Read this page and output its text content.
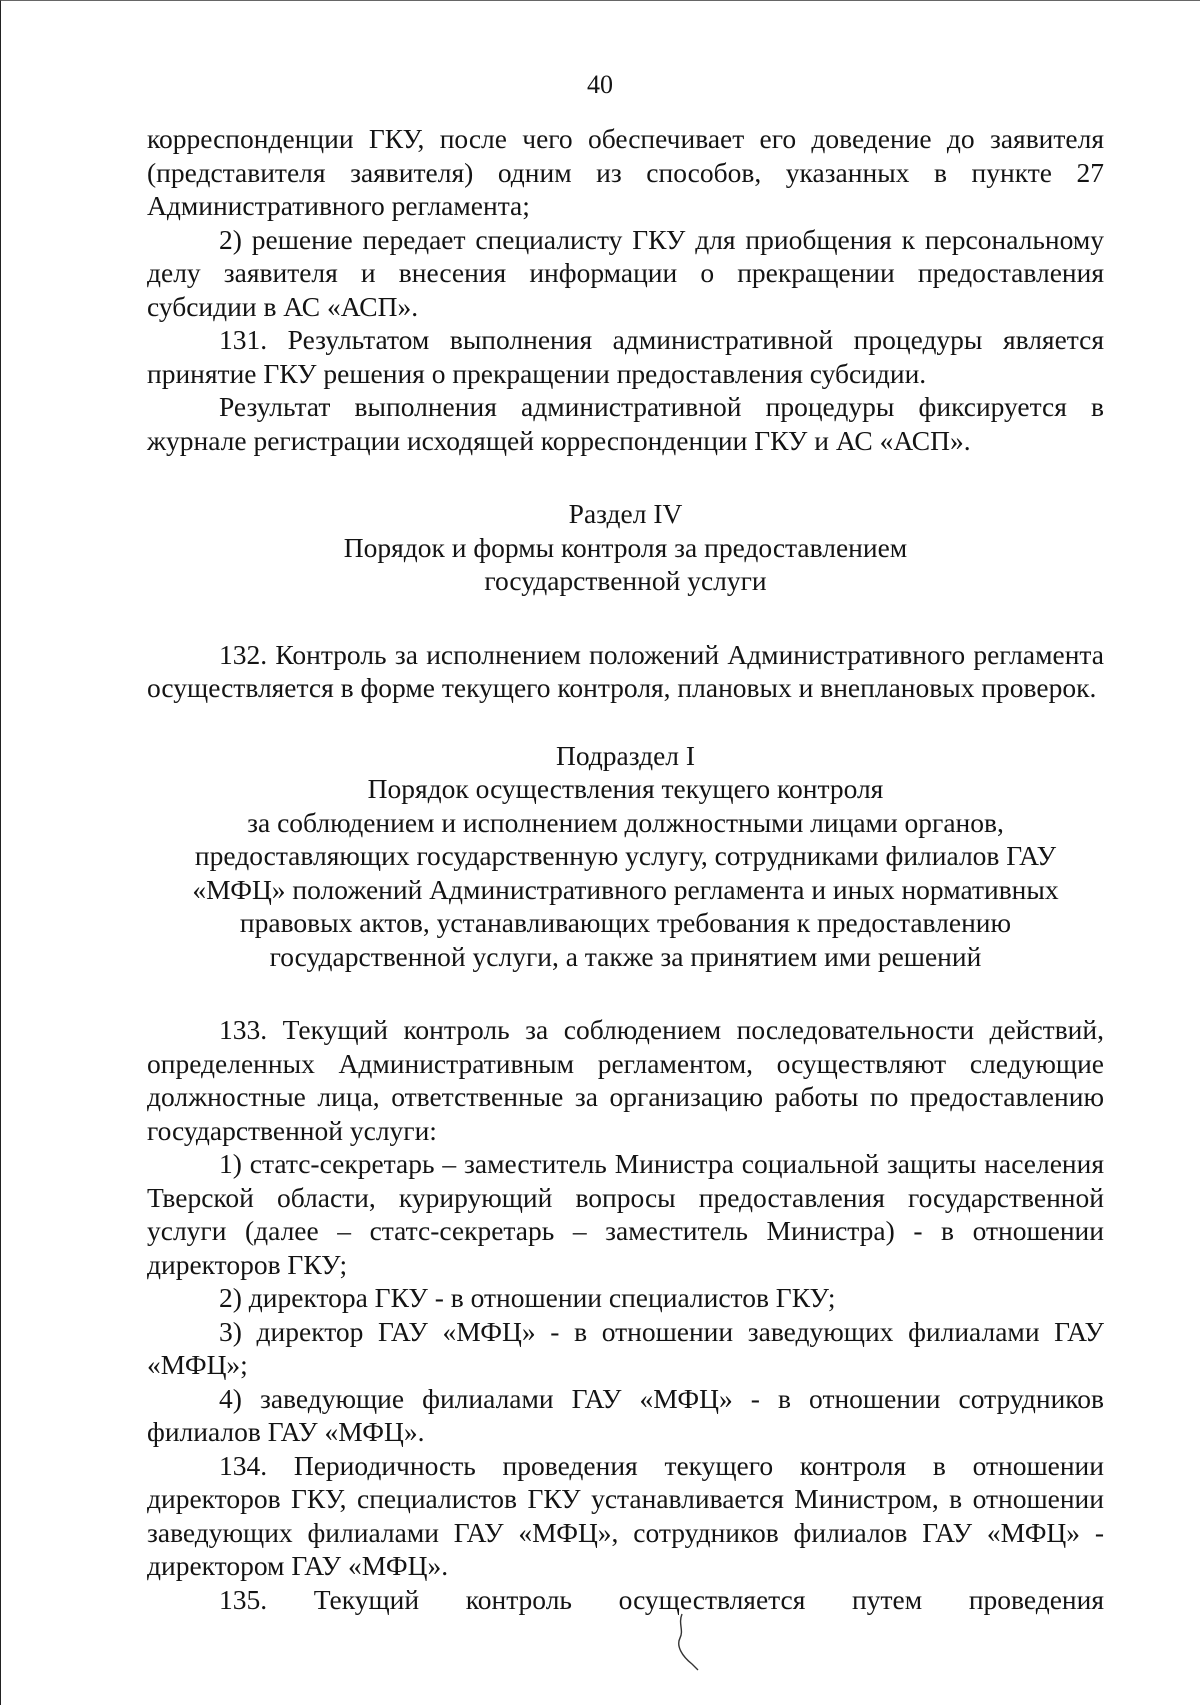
40

корреспонденции ГКУ, после чего обеспечивает его доведение до заявителя (представителя заявителя) одним из способов, указанных в пункте 27 Административного регламента;

2) решение передает специалисту ГКУ для приобщения к персональному делу заявителя и внесения информации о прекращении предоставления субсидии в АС «АСП».

131. Результатом выполнения административной процедуры является принятие ГКУ решения о прекращении предоставления субсидии.

Результат выполнения административной процедуры фиксируется в журнале регистрации исходящей корреспонденции ГКУ и АС «АСП».

Раздел IV

Порядок и формы контроля за предоставлением

государственной услуги

132. Контроль за исполнением положений Административного регламента осуществляется в форме текущего контроля, плановых и внеплановых проверок.

Подраздел I

Порядок осуществления текущего контроля

за соблюдением и исполнением должностными лицами органов,

предоставляющих государственную услугу, сотрудниками филиалов ГАУ

«МФЦ» положений Административного регламента и иных нормативных

правовых актов, устанавливающих требования к предоставлению

государственной услуги, а также за принятием ими решений

133. Текущий контроль за соблюдением последовательности действий, определенных Административным регламентом, осуществляют следующие должностные лица, ответственные за организацию работы по предоставлению государственной услуги:

1) статс-секретарь – заместитель Министра социальной защиты населения Тверской области, курирующий вопросы предоставления государственной услуги (далее – статс-секретарь – заместитель Министра) - в отношении директоров ГКУ;

2) директора ГКУ - в отношении специалистов ГКУ;

3) директор ГАУ «МФЦ» - в отношении заведующих филиалами ГАУ «МФЦ»;

4) заведующие филиалами ГАУ «МФЦ» - в отношении сотрудников филиалов ГАУ «МФЦ».

134. Периодичность проведения текущего контроля в отношении директоров ГКУ, специалистов ГКУ устанавливается Министром, в отношении заведующих филиалами ГАУ «МФЦ», сотрудников филиалов ГАУ «МФЦ» - директором ГАУ «МФЦ».

135. Текущий контроль осуществляется путем проведения
